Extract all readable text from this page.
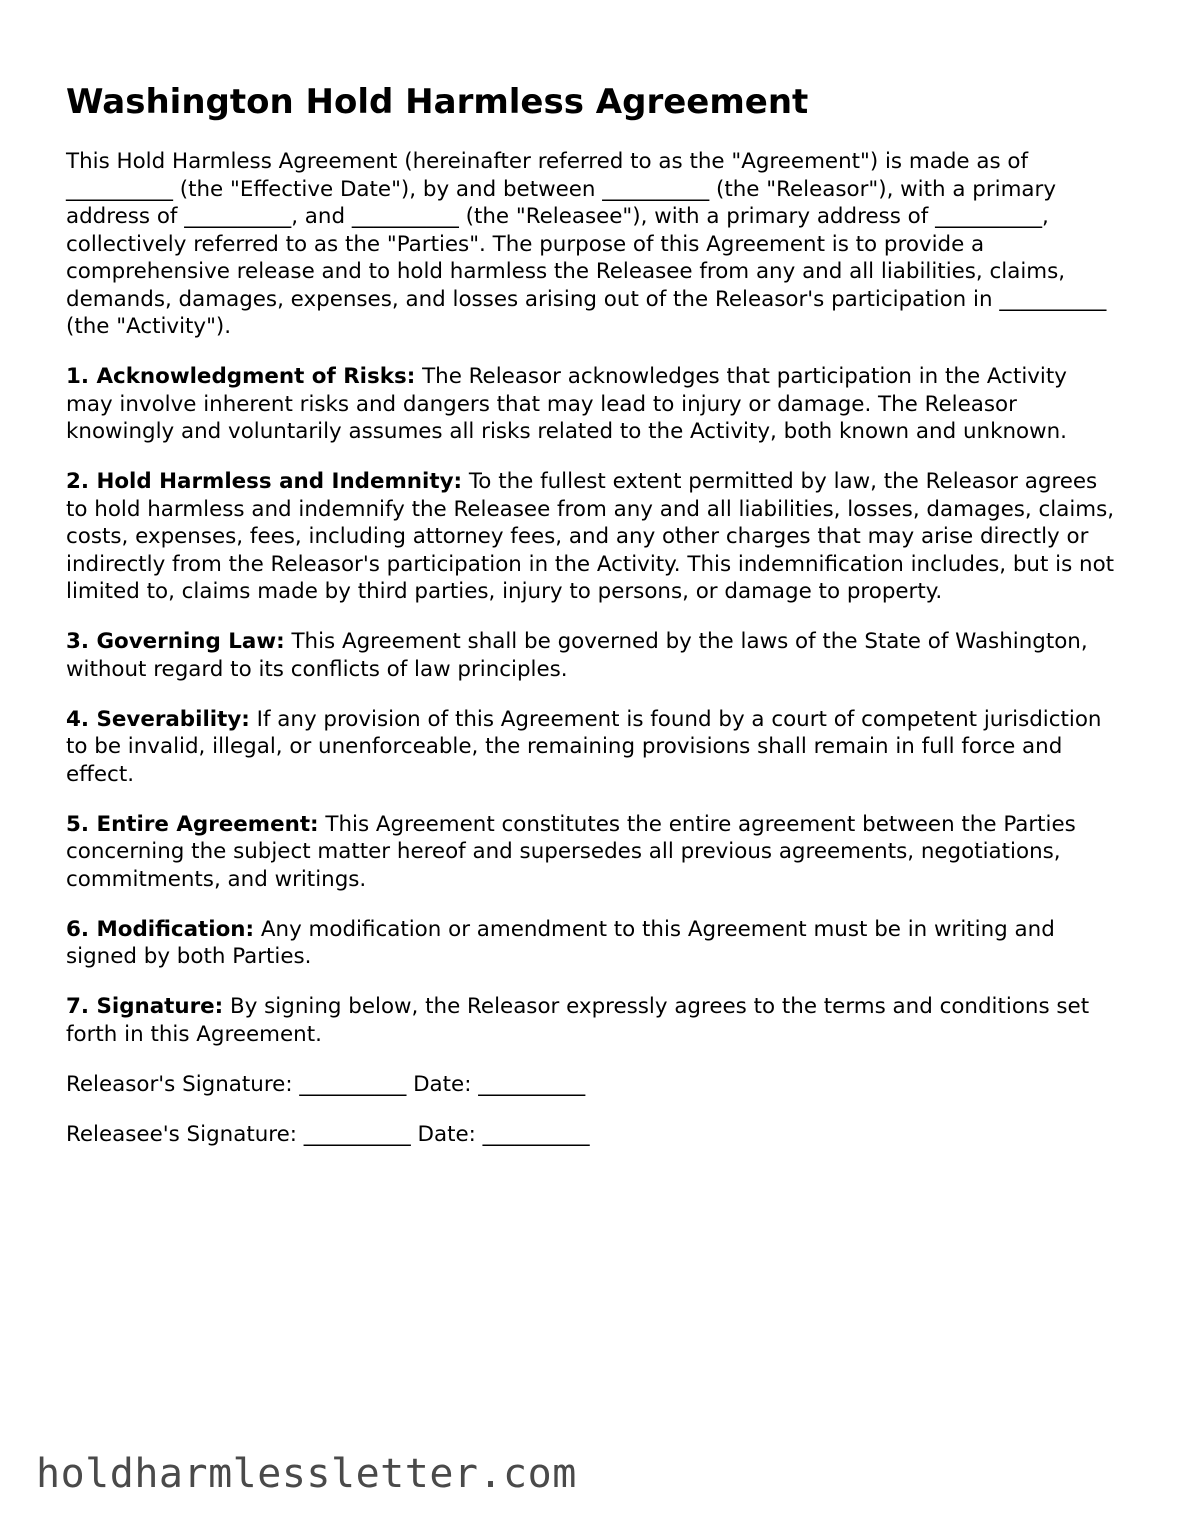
Washington Hold Harmless Agreement

This Hold Harmless Agreement (hereinafter referred to as the "Agreement") is made as of __________ (the "Effective Date"), by and between __________ (the "Releasor"), with a primary address of __________, and __________ (the "Releasee"), with a primary address of __________, collectively referred to as the "Parties". The purpose of this Agreement is to provide a comprehensive release and to hold harmless the Releasee from any and all liabilities, claims, demands, damages, expenses, and losses arising out of the Releasor's participation in __________ (the "Activity").

1. Acknowledgment of Risks: The Releasor acknowledges that participation in the Activity may involve inherent risks and dangers that may lead to injury or damage. The Releasor knowingly and voluntarily assumes all risks related to the Activity, both known and unknown.

2. Hold Harmless and Indemnity: To the fullest extent permitted by law, the Releasor agrees to hold harmless and indemnify the Releasee from any and all liabilities, losses, damages, claims, costs, expenses, fees, including attorney fees, and any other charges that may arise directly or indirectly from the Releasor's participation in the Activity. This indemnification includes, but is not limited to, claims made by third parties, injury to persons, or damage to property.

3. Governing Law: This Agreement shall be governed by the laws of the State of Washington, without regard to its conflicts of law principles.

4. Severability: If any provision of this Agreement is found by a court of competent jurisdiction to be invalid, illegal, or unenforceable, the remaining provisions shall remain in full force and effect.

5. Entire Agreement: This Agreement constitutes the entire agreement between the Parties concerning the subject matter hereof and supersedes all previous agreements, negotiations, commitments, and writings.

6. Modification: Any modification or amendment to this Agreement must be in writing and signed by both Parties.

7. Signature: By signing below, the Releasor expressly agrees to the terms and conditions set forth in this Agreement.

Releasor's Signature: __________ Date: __________

Releasee's Signature: __________ Date: __________

holdharmlessletter.com
